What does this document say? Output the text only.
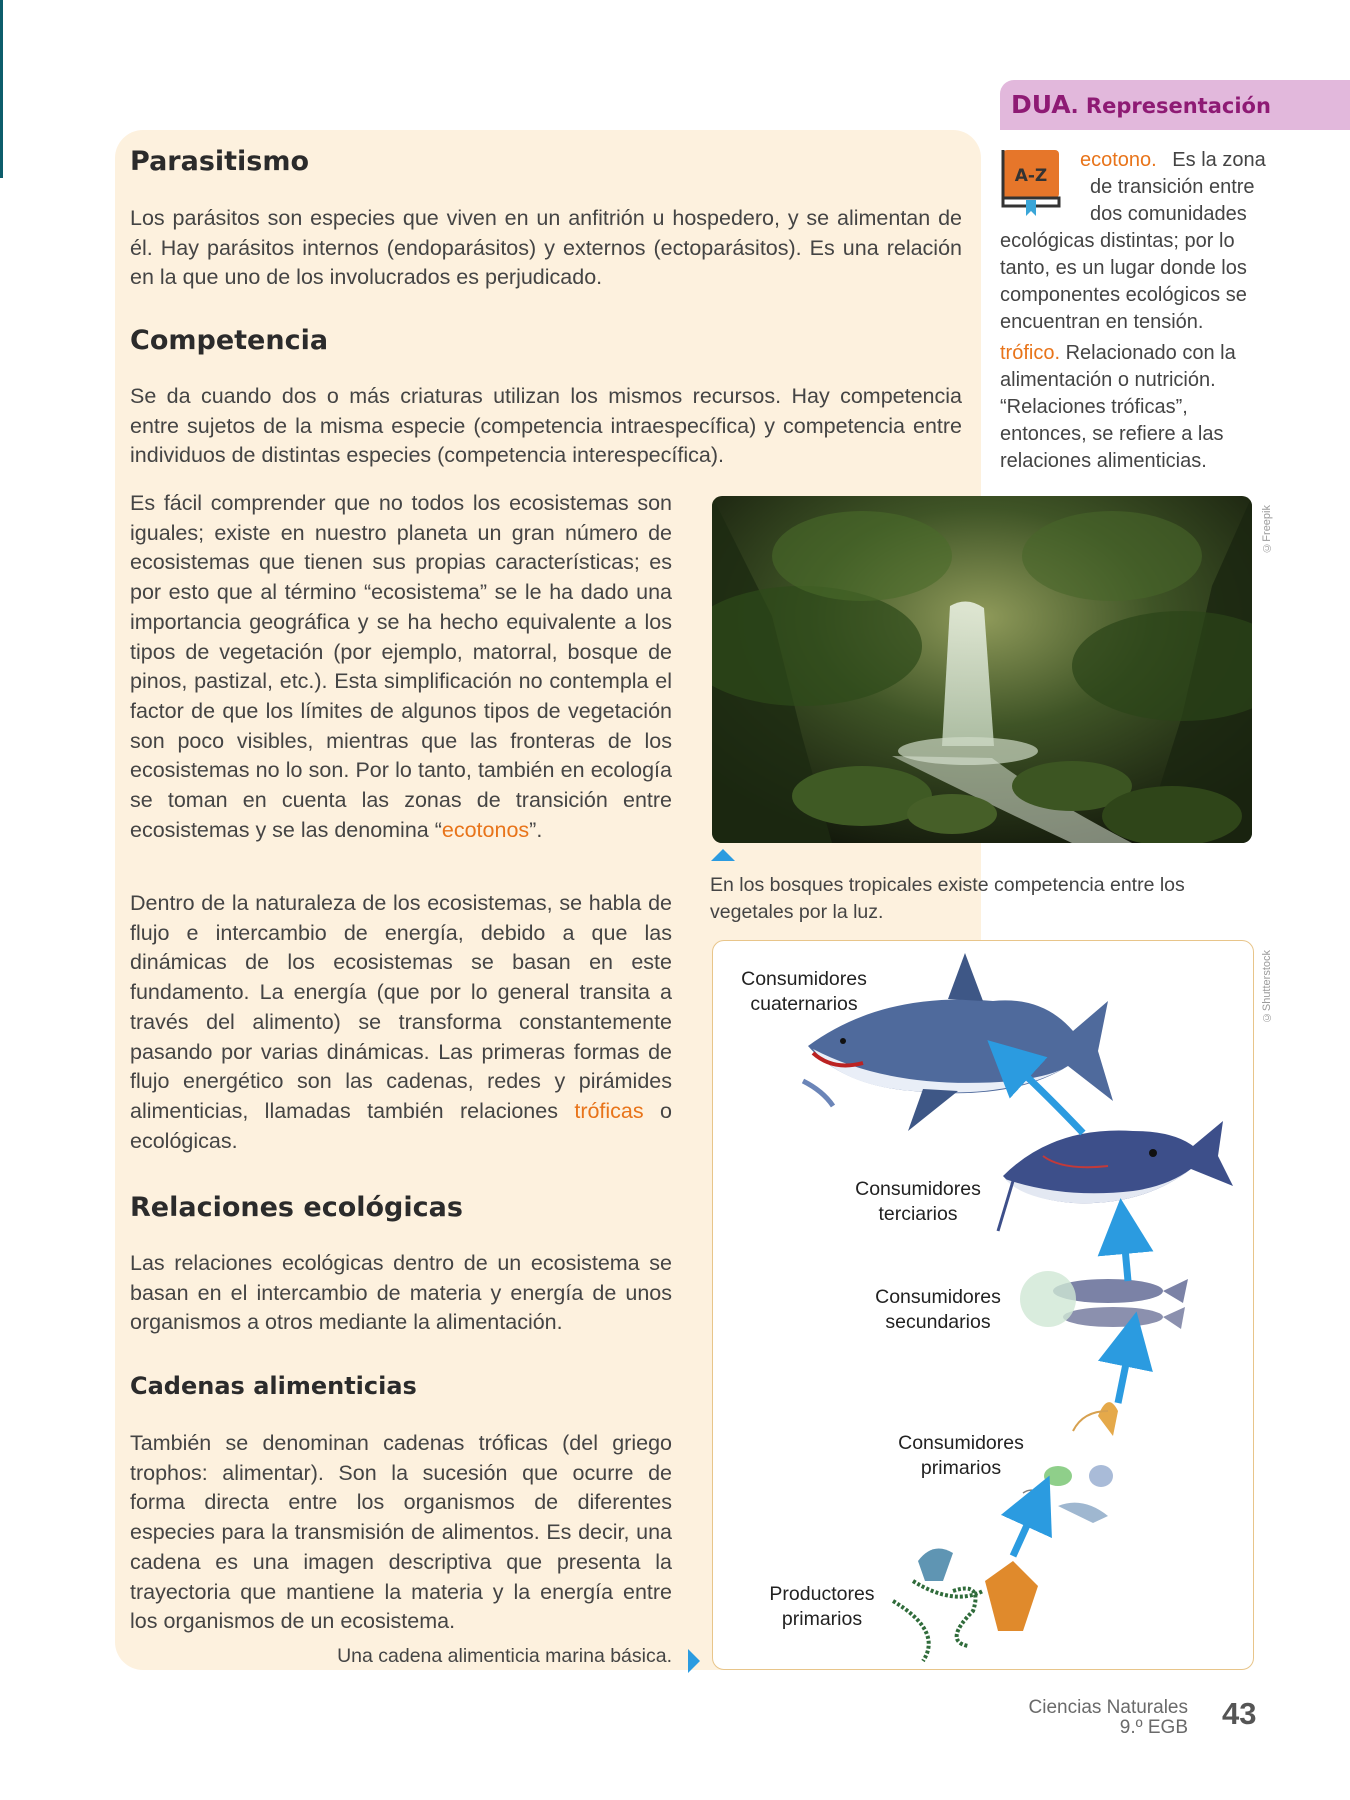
Parasitismo

Los parásitos son especies que viven en un anfitrión u hospedero, y se alimentan de él. Hay parásitos internos (endoparásitos) y externos (ectoparásitos). Es una relación en la que uno de los involucrados es perjudicado.

Competencia

Se da cuando dos o más criaturas utilizan los mismos recursos. Hay competencia entre sujetos de la misma especie (competencia intraespecífica) y competencia entre individuos de distintas especies (competencia interespecífica).

Es fácil comprender que no todos los ecosistemas son iguales; existe en nuestro planeta un gran número de ecosistemas que tienen sus propias características; es por esto que al término “ecosistema” se le ha dado una importancia geográfica y se ha hecho equivalente a los tipos de vegetación (por ejemplo, matorral, bosque de pinos, pastizal, etc.). Esta simplificación no contempla el factor de que los límites de algunos tipos de vegetación son poco visibles, mientras que las fronteras de los ecosistemas no lo son. Por lo tanto, también en ecología se toman en cuenta las zonas de transición entre ecosistemas y se las denomina “ecotonos”.

Dentro de la naturaleza de los ecosistemas, se habla de flujo e intercambio de energía, debido a que las dinámicas de los ecosistemas se basan en este fundamento. La energía (que por lo general transita a través del alimento) se transforma constantemente pasando por varias dinámicas. Las primeras formas de flujo energético son las cadenas, redes y pirámides alimenticias, llamadas también relaciones tróficas o ecológicas.

Relaciones ecológicas

Las relaciones ecológicas dentro de un ecosistema se basan en el intercambio de materia y energía de unos organismos a otros mediante la alimentación.

Cadenas alimenticias

También se denominan cadenas tróficas (del griego trophos: alimentar). Son la sucesión que ocurre de forma directa entre los organismos de diferentes especies para la transmisión de alimentos. Es decir, una cadena es una imagen descriptiva que presenta la trayectoria que mantiene la materia y la energía entre los organismos de un ecosistema.

DUA. Representación
A-Z
ecotono. Es la zona de transición entre dos comunidades ecológicas distintas; por lo tanto, es un lugar donde los componentes ecológicos se encuentran en tensión.
trófico. Relacionado con la alimentación o nutrición. “Relaciones tróficas”, entonces, se refiere a las relaciones alimenticias.
©Freepik
En los bosques tropicales existe competencia entre los vegetales por la luz.
Consumidores
cuaternarios
Consumidores
terciarios
Consumidores
secundarios
Consumidores
primarios
Productores
primarios
©Shutterstock
Una cadena alimenticia marina básica.
Ciencias Naturales
9.º EGB 43
